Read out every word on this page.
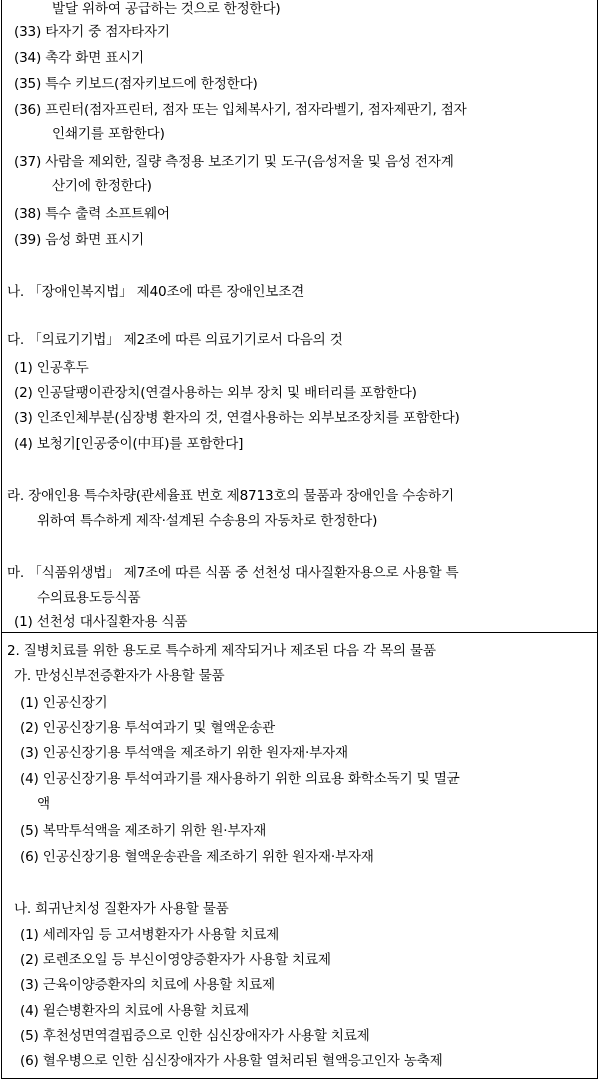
발달 위하여 공급하는 것으로 한정한다)
(33) 타자기 중 점자타자기
(34) 촉각 화면 표시기
(35) 특수 키보드(점자키보드에 한정한다)
(36) 프린터(점자프린터, 점자 또는 입체복사기, 점자라벨기, 점자제판기, 점자
인쇄기를 포함한다)
(37) 사람을 제외한, 질량 측정용 보조기기 및 도구(음성저울 및 음성 전자계
산기에 한정한다)
(38) 특수 출력 소프트웨어
(39) 음성 화면 표시기
나. 「장애인복지법」 제40조에 따른 장애인보조견
다. 「의료기기법」 제2조에 따른 의료기기로서 다음의 것
(1) 인공후두
(2) 인공달팽이관장치(연결사용하는 외부 장치 및 배터리를 포함한다)
(3) 인조인체부분(심장병 환자의 것, 연결사용하는 외부보조장치를 포함한다)
(4) 보청기[인공중이(中耳)를 포함한다]
라. 장애인용 특수차량(관세율표 번호 제8713호의 물품과 장애인을 수송하기
위하여 특수하게 제작·설계된 수송용의 자동차로 한정한다)
마. 「식품위생법」 제7조에 따른 식품 중 선천성 대사질환자용으로 사용할 특
수의료용도등식품
(1) 선천성 대사질환자용 식품
2. 질병치료를 위한 용도로 특수하게 제작되거나 제조된 다음 각 목의 물품
가. 만성신부전증환자가 사용할 물품
(1) 인공신장기
(2) 인공신장기용 투석여과기 및 혈액운송관
(3) 인공신장기용 투석액을 제조하기 위한 원자재·부자재
(4) 인공신장기용 투석여과기를 재사용하기 위한 의료용 화학소독기 및 멸균
액
(5) 복막투석액을 제조하기 위한 원·부자재
(6) 인공신장기용 혈액운송관을 제조하기 위한 원자재·부자재
나. 희귀난치성 질환자가 사용할 물품
(1) 세레자임 등 고셔병환자가 사용할 치료제
(2) 로렌조오일 등 부신이영양증환자가 사용할 치료제
(3) 근육이양증환자의 치료에 사용할 치료제
(4) 윌슨병환자의 치료에 사용할 치료제
(5) 후천성면역결핍증으로 인한 심신장애자가 사용할 치료제
(6) 혈우병으로 인한 심신장애자가 사용할 열처리된 혈액응고인자 농축제
